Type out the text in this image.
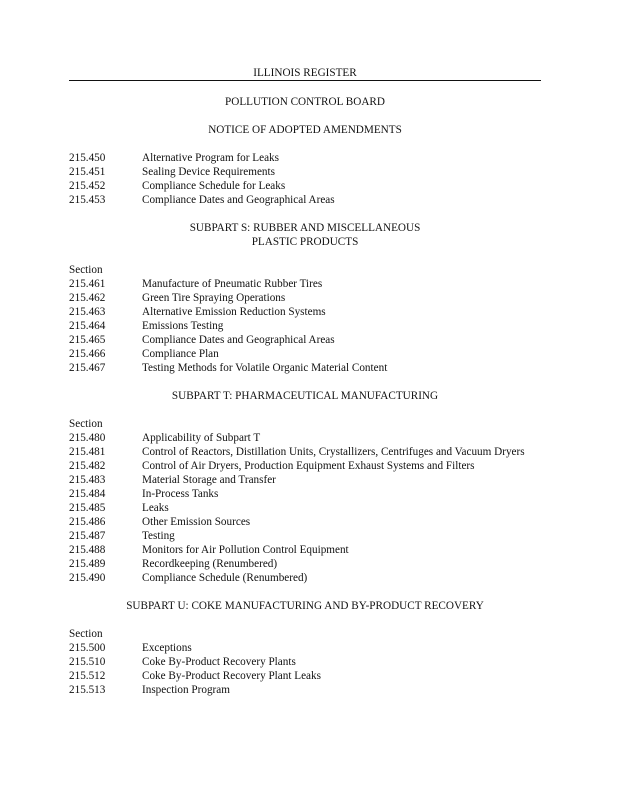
ILLINOIS REGISTER
POLLUTION CONTROL BOARD
NOTICE OF ADOPTED AMENDMENTS
215.450	Alternative Program for Leaks
215.451	Sealing Device Requirements
215.452	Compliance Schedule for Leaks
215.453	Compliance Dates and Geographical Areas
SUBPART S: RUBBER AND MISCELLANEOUS
PLASTIC PRODUCTS
Section
215.461	Manufacture of Pneumatic Rubber Tires
215.462	Green Tire Spraying Operations
215.463	Alternative Emission Reduction Systems
215.464	Emissions Testing
215.465	Compliance Dates and Geographical Areas
215.466	Compliance Plan
215.467	Testing Methods for Volatile Organic Material Content
SUBPART T: PHARMACEUTICAL MANUFACTURING
Section
215.480	Applicability of Subpart T
215.481	Control of Reactors, Distillation Units, Crystallizers, Centrifuges and Vacuum Dryers
215.482	Control of Air Dryers, Production Equipment Exhaust Systems and Filters
215.483	Material Storage and Transfer
215.484	In-Process Tanks
215.485	Leaks
215.486	Other Emission Sources
215.487	Testing
215.488	Monitors for Air Pollution Control Equipment
215.489	Recordkeeping (Renumbered)
215.490	Compliance Schedule (Renumbered)
SUBPART U: COKE MANUFACTURING AND BY-PRODUCT RECOVERY
Section
215.500	Exceptions
215.510	Coke By-Product Recovery Plants
215.512	Coke By-Product Recovery Plant Leaks
215.513	Inspection Program
